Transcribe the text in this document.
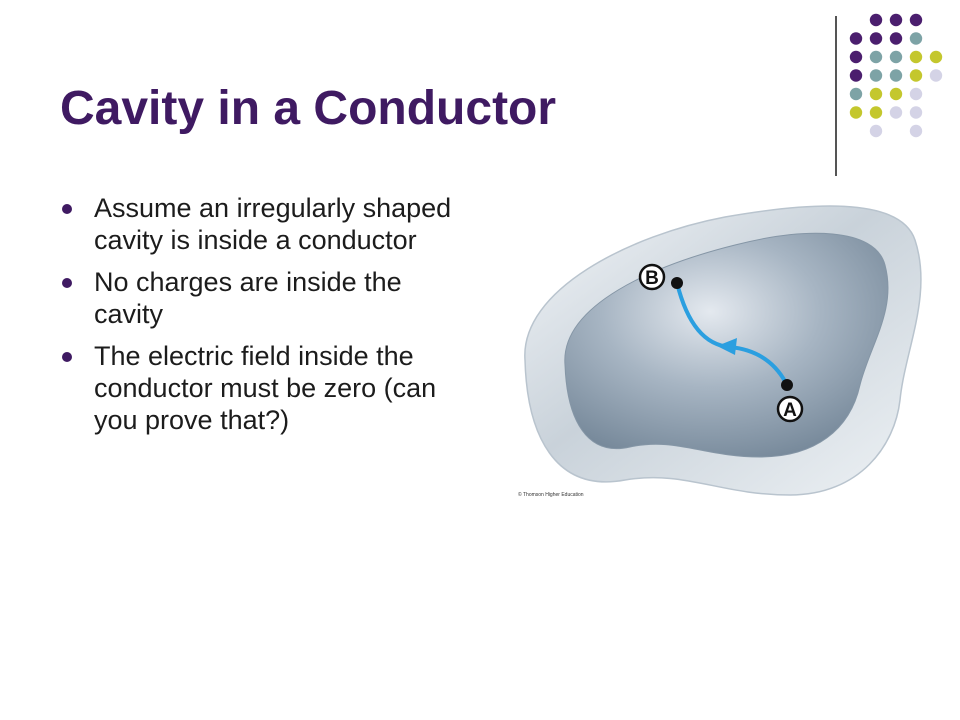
Cavity in a Conductor
Assume an irregularly shaped cavity is inside a conductor
No charges are inside the cavity
The electric field inside the conductor must be zero (can you prove that?)
B
A
© Thomson Higher Education
